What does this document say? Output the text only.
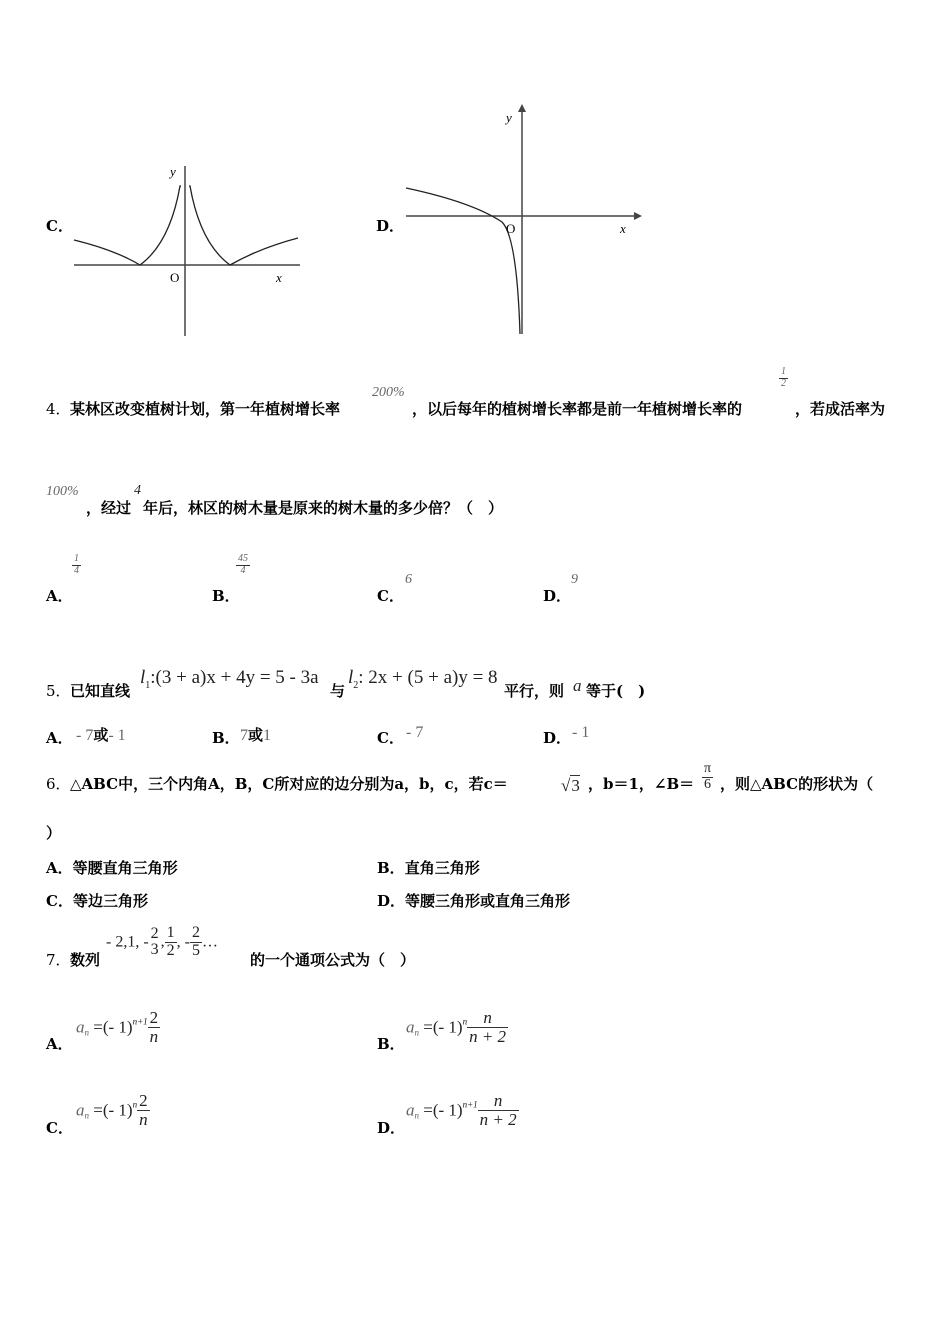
C．
y
O	x
D．
y
O	x
4． 某林区改变植树计划，第一年植树增长率
200%
，以后每年的植树增长率都是前一年植树增长率的
$\frac{1}{2}$
，若成活率为
100%
，经过
4
年后，林区的树木量是原来的树木量的多少倍？（　）
A．
$\frac{1}{4}$
B．
$\frac{45}{4}$
C．
6
D．
9
5． 已知直线
$l_1:(3 + a)x + 4y = 5 - 3a$
与
$l_2$: 2x + (5 + a)y = 8
平行，则 a 等于(　)
A． - 7或- 1	B． 7或1	C． - 7	D． - 1
6． △ABC中，三个内角A，B，C所对应的边分别为a，b，c，若c＝	√3 ，b＝1，∠B＝ $\frac{\pi}{6}$ ，则△ABC的形状为（
）
A．等腰直角三角形	B．直角三角形
C．等边三角形	D．等腰三角形或直角三角形
7． 数列
- 2,1, -
2
3 , $\frac{1}{2}$ , - $\frac{2}{5}$ …
的一个通项公式为（　）
A．
$a_n$ =(- $1)^{n+1} \frac{2}{n}$	B．
$a_n$ =(- $1)^n \frac{n}{n + 2}$
C．
$a_n$ =(- $1)^n \frac{2}{n}$	D．
$a_n$ =(- $1)^{n+1} \frac{n}{n + 2}$
